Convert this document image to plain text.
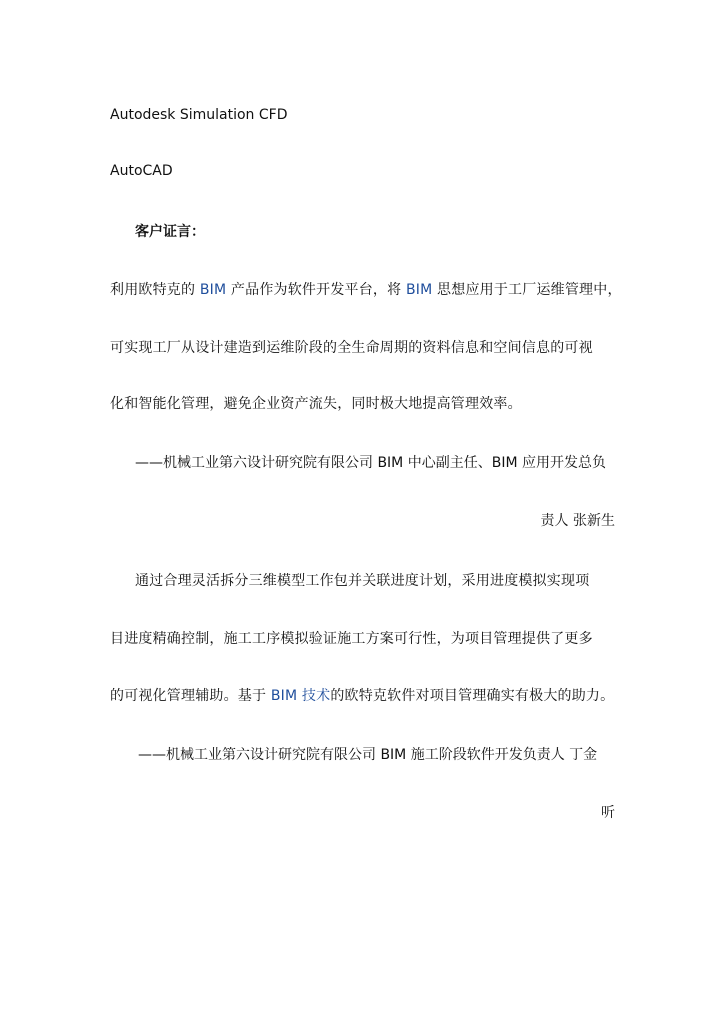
Autodesk Simulation CFD
AutoCAD
客户证言：
利用欧特克的 BIM 产品作为软件开发平台，将 BIM 思想应用于工厂运维管理中，
可实现工厂从设计建造到运维阶段的全生命周期的资料信息和空间信息的可视
化和智能化管理，避免企业资产流失，同时极大地提高管理效率。
——机械工业第六设计研究院有限公司 BIM 中心副主任、BIM 应用开发总负
责人 张新生
通过合理灵活拆分三维模型工作包并关联进度计划，采用进度模拟实现项
目进度精确控制，施工工序模拟验证施工方案可行性，为项目管理提供了更多
的可视化管理辅助。基于 BIM 技术的欧特克软件对项目管理确实有极大的助力。
——机械工业第六设计研究院有限公司 BIM 施工阶段软件开发负责人 丁金
听
